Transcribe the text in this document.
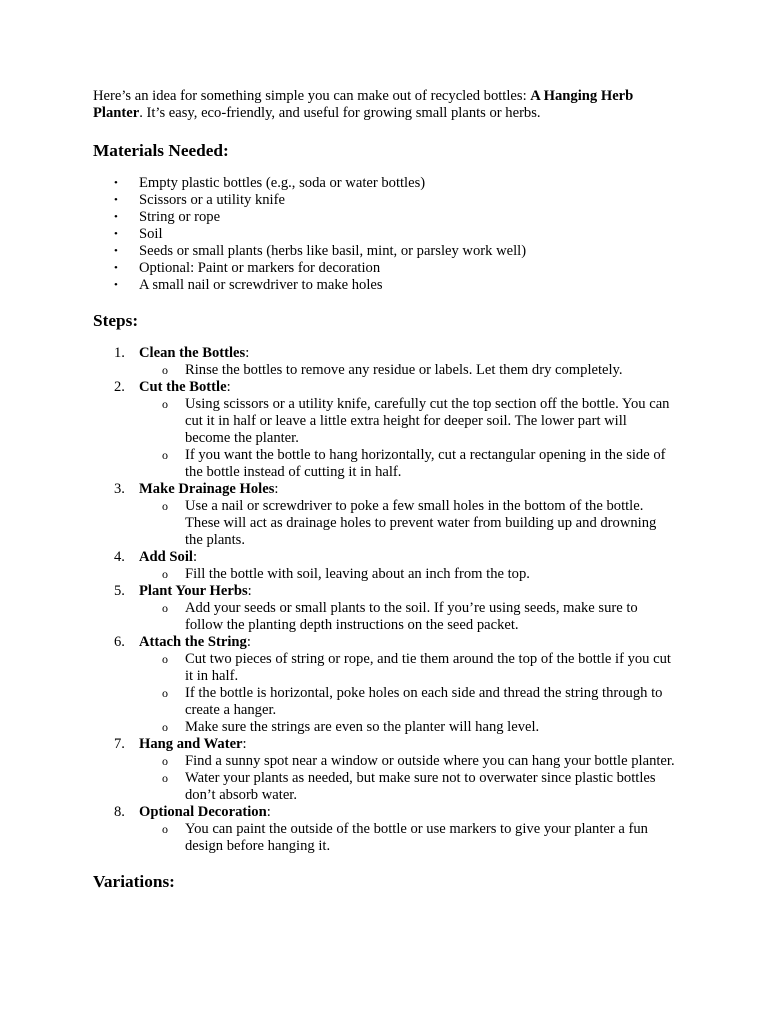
Here’s an idea for something simple you can make out of recycled bottles: A Hanging Herb Planter. It’s easy, eco-friendly, and useful for growing small plants or herbs.

Materials Needed:
• Empty plastic bottles (e.g., soda or water bottles)
• Scissors or a utility knife
• String or rope
• Soil
• Seeds or small plants (herbs like basil, mint, or parsley work well)
• Optional: Paint or markers for decoration
• A small nail or screwdriver to make holes
Steps:
1. Clean the Bottles:
o Rinse the bottles to remove any residue or labels. Let them dry completely.
2. Cut the Bottle:
o Using scissors or a utility knife, carefully cut the top section off the bottle. You can cut it in half or leave a little extra height for deeper soil. The lower part will become the planter.
o If you want the bottle to hang horizontally, cut a rectangular opening in the side of the bottle instead of cutting it in half.
3. Make Drainage Holes:
o Use a nail or screwdriver to poke a few small holes in the bottom of the bottle. These will act as drainage holes to prevent water from building up and drowning the plants.
4. Add Soil:
o Fill the bottle with soil, leaving about an inch from the top.
5. Plant Your Herbs:
o Add your seeds or small plants to the soil. If you’re using seeds, make sure to follow the planting depth instructions on the seed packet.
6. Attach the String:
o Cut two pieces of string or rope, and tie them around the top of the bottle if you cut it in half.
o If the bottle is horizontal, poke holes on each side and thread the string through to create a hanger.
o Make sure the strings are even so the planter will hang level.
7. Hang and Water:
o Find a sunny spot near a window or outside where you can hang your bottle planter.
o Water your plants as needed, but make sure not to overwater since plastic bottles don’t absorb water.
8. Optional Decoration:
o You can paint the outside of the bottle or use markers to give your planter a fun design before hanging it.
Variations:
